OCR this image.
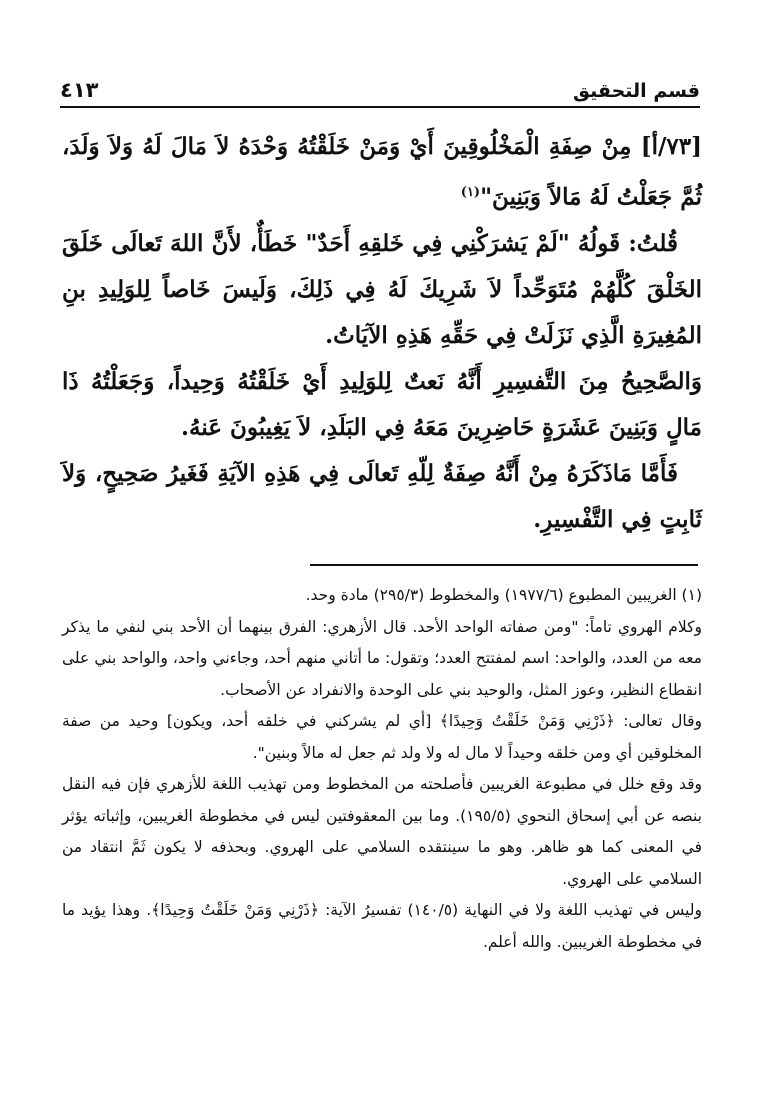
قسم التحقيق
٤١٣

[٧٣/أ] مِنْ صِفَةِ الْمَخْلُوقِينَ أَيْ وَمَنْ خَلَقْتُهُ وَحْدَهُ لاَ مَالَ لَهُ وَلاَ وَلَدَ، ثُمَّ جَعَلْتُ لَهُ مَالاً وَبَنِينَ"$^{(١)}$

قُلتُ: قَولُهُ "لَمْ يَشرَكْنِي فِي خَلقِهِ أَحَدٌ" خَطَأٌ، لأَنَّ اللهَ تَعالَى خَلَقَ الخَلْقَ كُلَّهُمْ مُتَوَحِّداً لاَ شَرِيكَ لَهُ فِي ذَلِكَ، وَلَيسَ خَاصاً لِلوَلِيدِ بنِ المُغِيرَةِ الَّذِي نَزَلَتْ فِي حَقِّهِ هَذِهِ الآيَاتُ.

وَالصَّحِيحُ مِنَ التَّفسِيرِ أَنَّهُ نَعتٌ لِلوَلِيدِ أَيْ خَلَقْتُهُ وَحِيداً، وَجَعَلْتُهُ ذَا مَالٍ وَبَنِينَ عَشَرَةٍ حَاضِرِينَ مَعَهُ فِي البَلَدِ، لاَ يَغِيبُونَ عَنهُ.

فَأَمَّا مَاذَكَرَهُ مِنْ أَنَّهُ صِفَةٌ لِلّهِ تَعالَى فِي هَذِهِ الآيَةِ فَغَيرُ صَحِيحٍ، وَلاَ ثَابِتٍ فِي التَّفْسِيرِ.

(١) الغريبين المطبوع (١٩٧٧/٦) والمخطوط (٢٩٥/٣) مادة وحد.

وكلام الهروي تاماً: "ومن صفاته الواحد الأحد. قال الأزهري: الفرق بينهما أن الأحد بني لنفي ما يذكر معه من العدد، والواحد: اسم لمفتتح العدد؛ وتقول: ما أتاني منهم أحد، وجاءني واحد، والواحد بني على انقطاع النظير، وعوز المثل، والوحيد بني على الوحدة والانفراد عن الأصحاب.

وقال تعالى: ﴿ذَرْنِي وَمَنْ خَلَقْتُ وَحِيدًا﴾ [أي لم يشركني في خلقه أحد، ويكون] وحيد من صفة المخلوقين أي ومن خلقه وحيداً لا مال له ولا ولد ثم جعل له مالاً وبنين".

وقد وقع خلل في مطبوعة الغريبين فأصلحته من المخطوط ومن تهذيب اللغة للأزهري فإن فيه النقل بنصه عن أبي إسحاق النحوي (١٩٥/٥). وما بين المعقوفتين ليس في مخطوطة الغريبين، وإثباته يؤثر في المعنى كما هو ظاهر. وهو ما سينتقده السلامي على الهروي. وبحذفه لا يكون ثَمَّ انتقاد من السلامي على الهروي.

وليس في تهذيب اللغة ولا في النهاية (١٤٠/٥) تفسيرُ الآية: ﴿ذَرْنِي وَمَنْ خَلَقْتُ وَحِيدًا﴾. وهذا يؤيد ما في مخطوطة الغريبين. والله أعلم.
